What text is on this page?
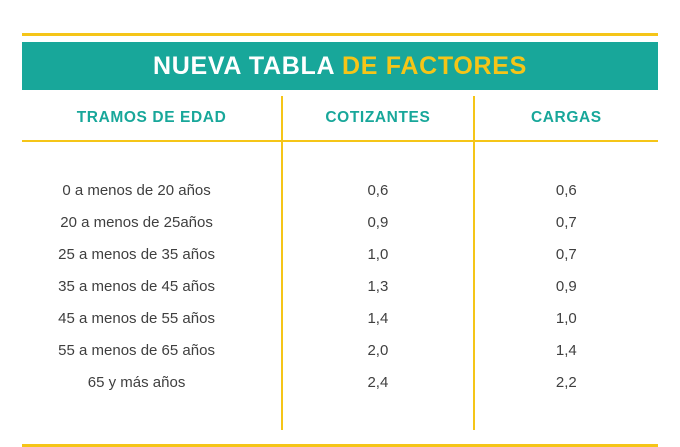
NUEVA TABLA DE FACTORES
TRAMOS DE EDAD	COTIZANTES	CARGAS

0 a menos de 20 años	0,6	0,6
20 a menos de 25años	0,9	0,7
25 a menos de 35 años	1,0	0,7
35 a menos de 45 años	1,3	0,9
45 a menos de 55 años	1,4	1,0
55 a menos de 65 años	2,0	1,4
65 y más años	2,4	2,2
